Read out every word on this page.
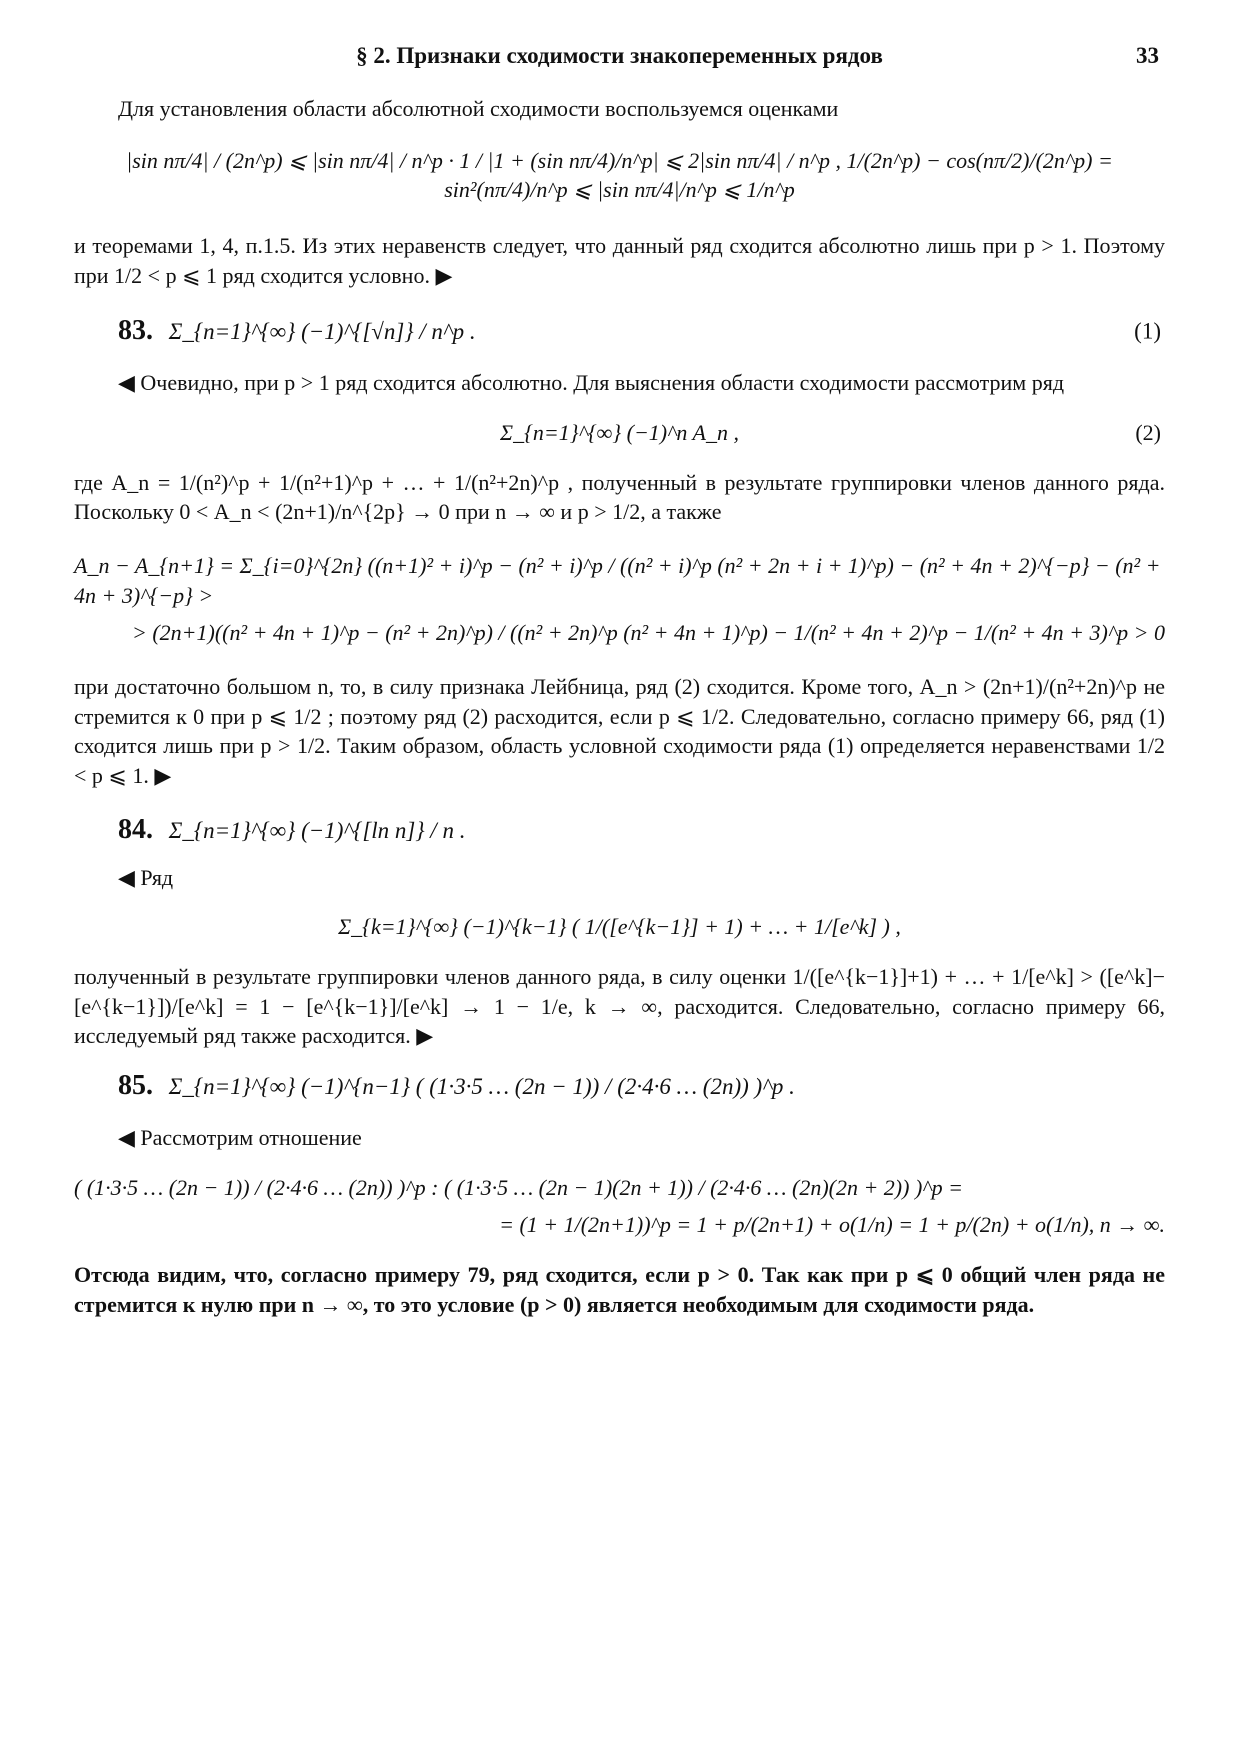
§ 2. Признаки сходимости знакопеременных рядов	33

Для установления области абсолютной сходимости воспользуемся оценками

|sin nπ/4| / (2n^p) ⩽ |sin nπ/4| / n^p · 1 / |1 + (sin nπ/4)/n^p| ⩽ 2|sin nπ/4| / n^p , 1/(2n^p) − cos(nπ/2)/(2n^p) = sin²(nπ/4)/n^p ⩽ |sin nπ/4|/n^p ⩽ 1/n^p

и теоремами 1, 4, п.1.5. Из этих неравенств следует, что данный ряд сходится абсолютно лишь при p > 1. Поэтому при 1/2 < p ⩽ 1 ряд сходится условно. ▶

83. Σ_{n=1}^{∞} (−1)^{[√n]} / n^p .	(1)

◀ Очевидно, при p > 1 ряд сходится абсолютно. Для выяснения области сходимости рассмотрим ряд

Σ_{n=1}^{∞} (−1)^n A_n ,	(2)

где A_n = 1/(n²)^p + 1/(n²+1)^p + … + 1/(n²+2n)^p , полученный в результате группировки членов данного ряда. Поскольку 0 < A_n < (2n+1)/n^{2p} → 0 при n → ∞ и p > 1/2, а также

A_n − A_{n+1} = Σ_{i=0}^{2n} ((n+1)² + i)^p − (n² + i)^p / ((n² + i)^p (n² + 2n + i + 1)^p) − (n² + 4n + 2)^{−p} − (n² + 4n + 3)^{−p} >
> (2n+1)((n² + 4n + 1)^p − (n² + 2n)^p) / ((n² + 2n)^p (n² + 4n + 1)^p) − 1/(n² + 4n + 2)^p − 1/(n² + 4n + 3)^p > 0

при достаточно большом n, то, в силу признака Лейбница, ряд (2) сходится. Кроме того, A_n > (2n+1)/(n²+2n)^p не стремится к 0 при p ⩽ 1/2 ; поэтому ряд (2) расходится, если p ⩽ 1/2. Следовательно, согласно примеру 66, ряд (1) сходится лишь при p > 1/2. Таким образом, область условной сходимости ряда (1) определяется неравенствами 1/2 < p ⩽ 1. ▶

84. Σ_{n=1}^{∞} (−1)^{[ln n]} / n .

◀ Ряд

Σ_{k=1}^{∞} (−1)^{k−1} ( 1/([e^{k−1}] + 1) + … + 1/[e^k] ) ,

полученный в результате группировки членов данного ряда, в силу оценки 1/([e^{k−1}]+1) + … + 1/[e^k] > ([e^k]−[e^{k−1}])/[e^k] = 1 − [e^{k−1}]/[e^k] → 1 − 1/e, k → ∞, расходится. Следовательно, согласно примеру 66, исследуемый ряд также расходится. ▶

85. Σ_{n=1}^{∞} (−1)^{n−1} ( (1·3·5 … (2n − 1)) / (2·4·6 … (2n)) )^p .

◀ Рассмотрим отношение

( (1·3·5 … (2n − 1)) / (2·4·6 … (2n)) )^p : ( (1·3·5 … (2n − 1)(2n + 1)) / (2·4·6 … (2n)(2n + 2)) )^p =
= (1 + 1/(2n+1))^p = 1 + p/(2n+1) + o(1/n) = 1 + p/(2n) + o(1/n), n → ∞.

Отсюда видим, что, согласно примеру 79, ряд сходится, если p > 0. Так как при p ⩽ 0 общий член ряда не стремится к нулю при n → ∞, то это условие (p > 0) является необходимым для сходимости ряда.
